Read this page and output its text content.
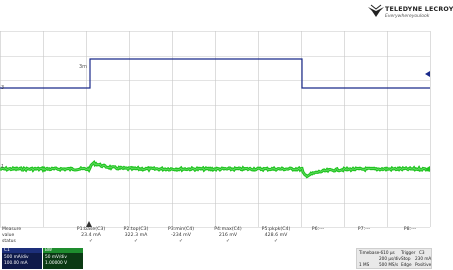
TELEDYNE LECROY
Everywhereyoulook
3m
3
1
Measure
value
status
P1:base(C3)
23.4 mA
✓
P2:top(C3)
322.3 mA
✓
P3:min(C4)
-234 mV
✓
P4:max(C4)
216 mV
✓
P5:pkpk(C4)
428.6 mV
✓
P6:---	P7:---	P8:---
C1
500 mA/div
100.00 mA
BW
50 mV/div
1.00000 V
Timebase -610 µs Trigger C3
200 µs/div Stop 230 mA
1 MS 500 MS/s Edge Positive
